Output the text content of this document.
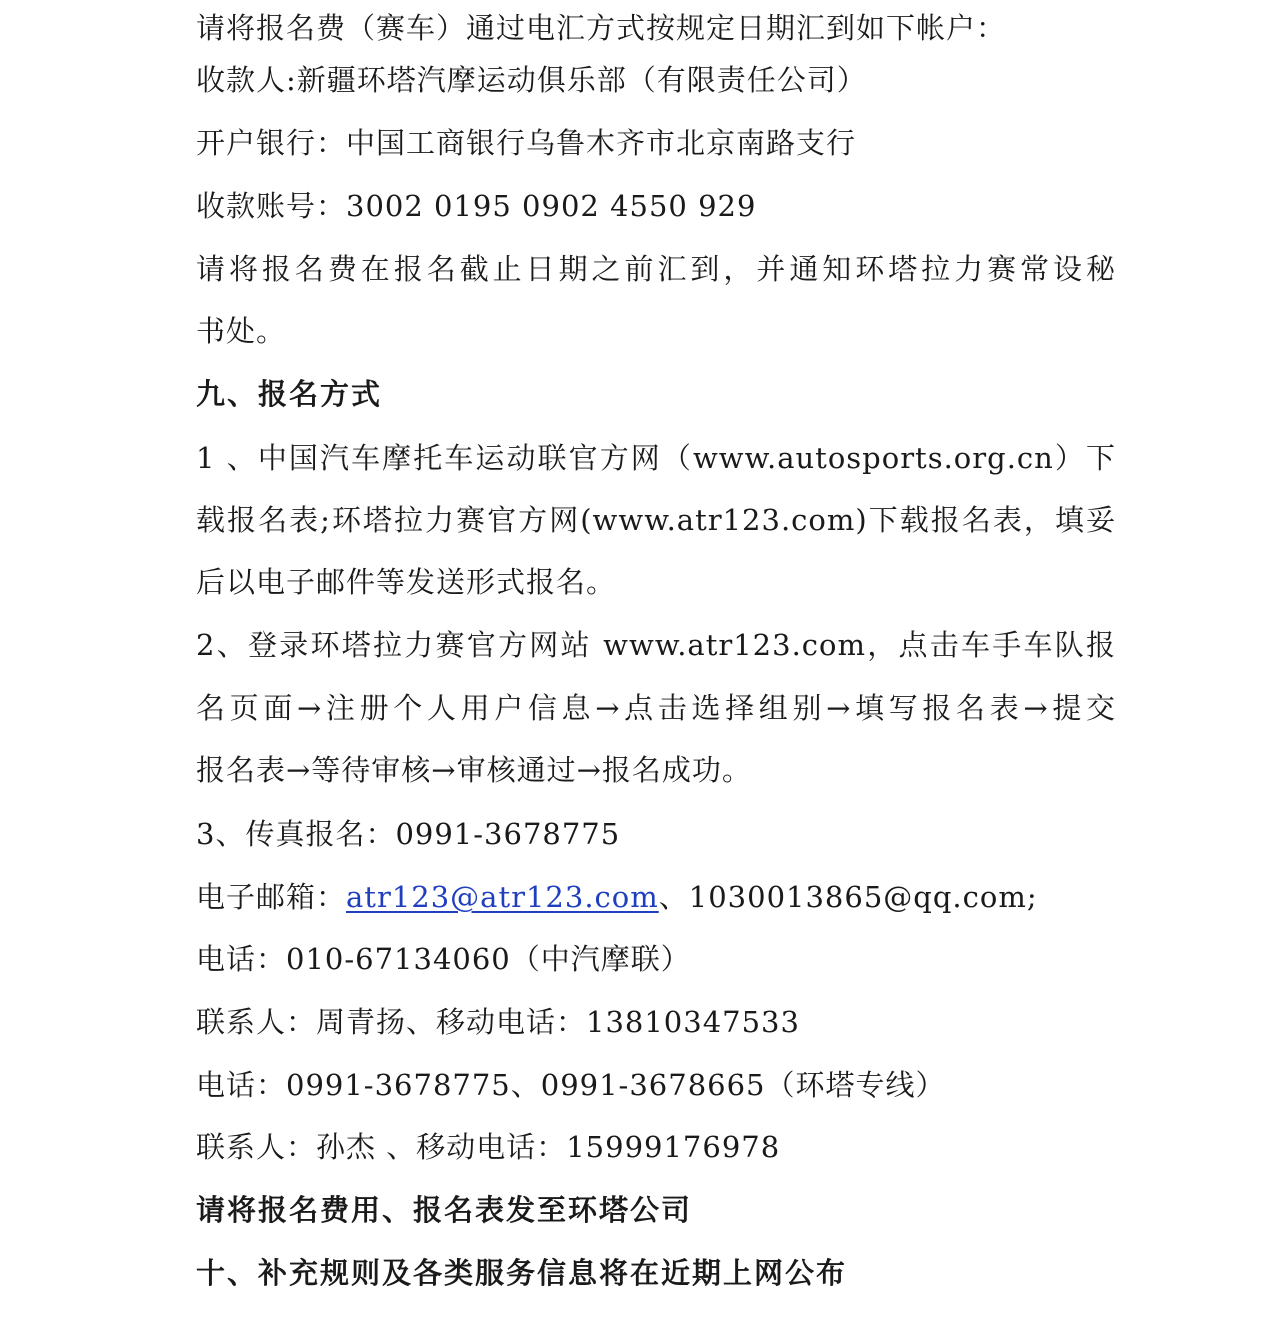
请将报名费（赛车）通过电汇方式按规定日期汇到如下帐户：
收款人:新疆环塔汽摩运动俱乐部（有限责任公司）
开户银行：中国工商银行乌鲁木齐市北京南路支行
收款账号：3002 0195 0902 4550 929
请将报名费在报名截止日期之前汇到，并通知环塔拉力赛常设秘
书处。
九、报名方式
1 、中国汽车摩托车运动联官方网（www.autosports.org.cn）下
载报名表;环塔拉力赛官方网(www.atr123.com)下载报名表，填妥
后以电子邮件等发送形式报名。
2、登录环塔拉力赛官方网站 www.atr123.com，点击车手车队报
名页面→注册个人用户信息→点击选择组别→填写报名表→提交
报名表→等待审核→审核通过→报名成功。
3、传真报名：0991-3678775
电子邮箱：atr123@atr123.com、1030013865@qq.com;
电话：010-67134060（中汽摩联）
联系人：周青扬、移动电话：13810347533
电话：0991-3678775、0991-3678665（环塔专线）
联系人：孙杰 、移动电话：15999176978
请将报名费用、报名表发至环塔公司
十、补充规则及各类服务信息将在近期上网公布
